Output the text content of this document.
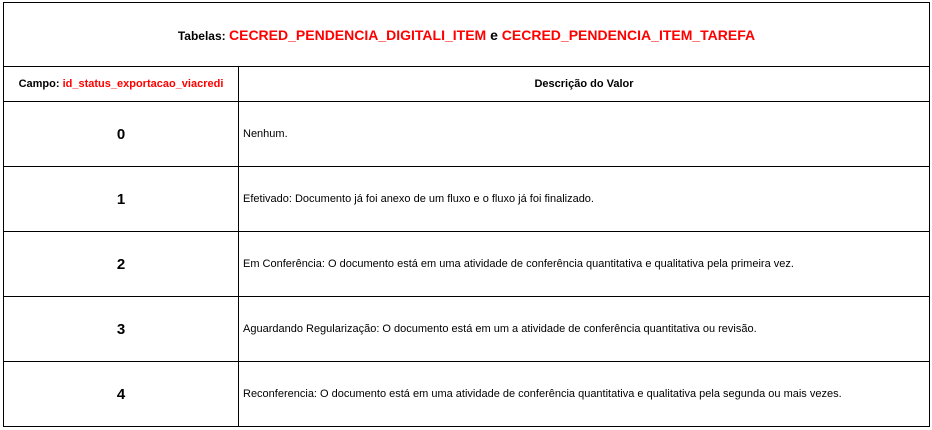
Tabelas: CECRED_PENDENCIA_DIGITALI_ITEM e CECRED_PENDENCIA_ITEM_TAREFA	
Campo: id_status_exportacao_viacredi	Descrição do Valor
0	Nenhum.
1	Efetivado: Documento já foi anexo de um fluxo e o fluxo já foi finalizado.
2	Em Conferência: O documento está em uma atividade de conferência quantitativa e qualitativa pela primeira vez.
3	Aguardando Regularização: O documento está em um a atividade de conferência quantitativa ou revisão.
4	Reconferencia: O documento está em uma atividade de conferência quantitativa e qualitativa pela segunda ou mais vezes.
